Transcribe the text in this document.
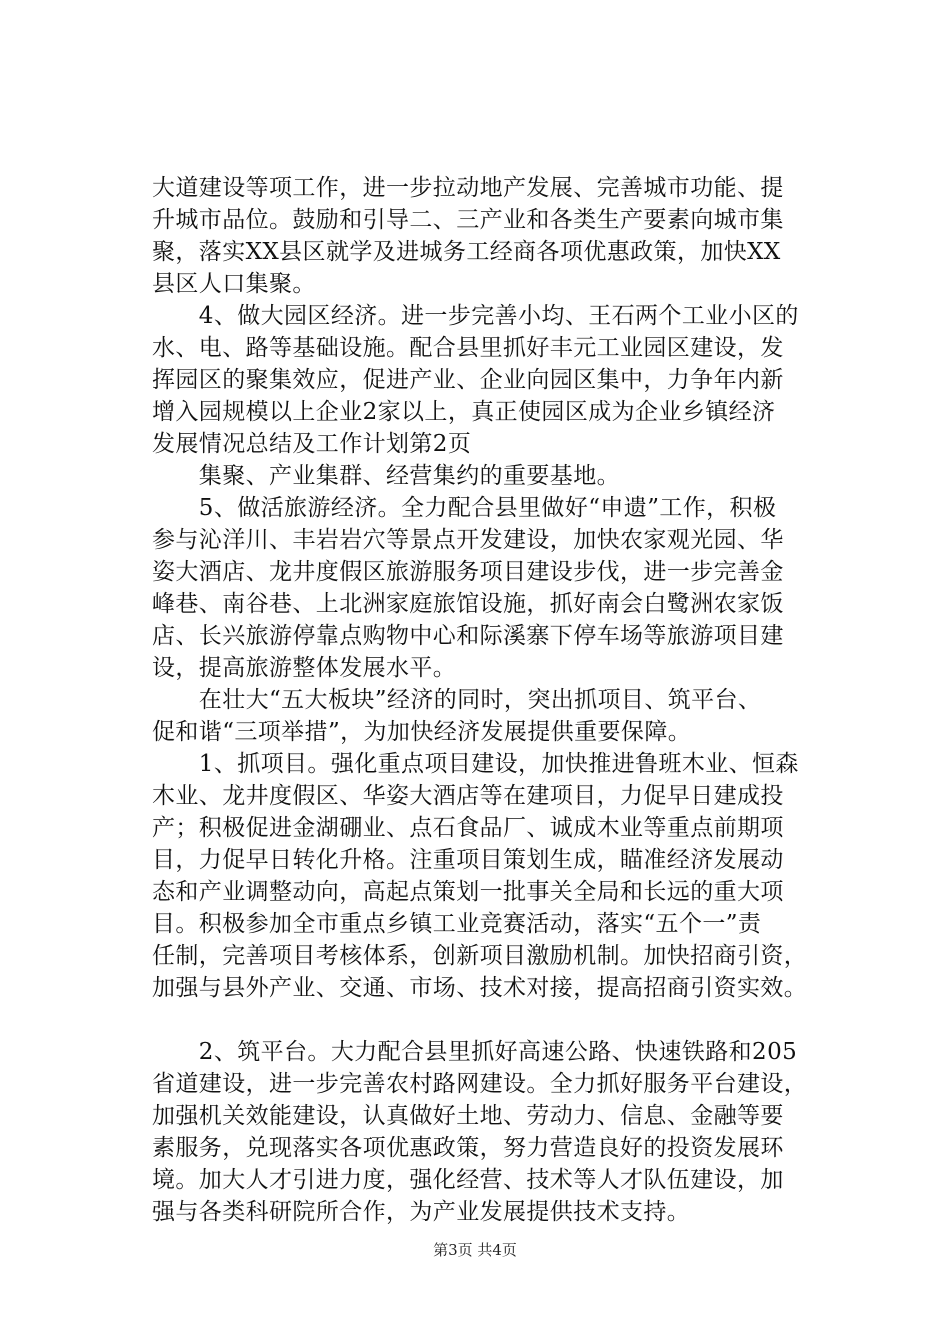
大道建设等项工作，进一步拉动地产发展、完善城市功能、提
升城市品位。鼓励和引导二、三产业和各类生产要素向城市集
聚，落实XX县区就学及进城务工经商各项优惠政策，加快XX
县区人口集聚。
　　4、做大园区经济。进一步完善小均、王石两个工业小区的
水、电、路等基础设施。配合县里抓好丰元工业园区建设，发
挥园区的聚集效应，促进产业、企业向园区集中，力争年内新
增入园规模以上企业2家以上，真正使园区成为企业乡镇经济
发展情况总结及工作计划第2页
　　集聚、产业集群、经营集约的重要基地。
　　5、做活旅游经济。全力配合县里做好“申遗”工作，积极
参与沁洋川、丰岩岩穴等景点开发建设，加快农家观光园、华
姿大酒店、龙井度假区旅游服务项目建设步伐，进一步完善金
峰巷、南谷巷、上北洲家庭旅馆设施，抓好南会白鹭洲农家饭
店、长兴旅游停靠点购物中心和际溪寨下停车场等旅游项目建
设，提高旅游整体发展水平。
　　在壮大“五大板块”经济的同时，突出抓项目、筑平台、
促和谐“三项举措”，为加快经济发展提供重要保障。
　　1、抓项目。强化重点项目建设，加快推进鲁班木业、恒森
木业、龙井度假区、华姿大酒店等在建项目，力促早日建成投
产；积极促进金湖硼业、点石食品厂、诚成木业等重点前期项
目，力促早日转化升格。注重项目策划生成，瞄准经济发展动
态和产业调整动向，高起点策划一批事关全局和长远的重大项
目。积极参加全市重点乡镇工业竞赛活动，落实“五个一”责
任制，完善项目考核体系，创新项目激励机制。加快招商引资，
加强与县外产业、交通、市场、技术对接，提高招商引资实效。
　　2、筑平台。大力配合县里抓好高速公路、快速铁路和205
省道建设，进一步完善农村路网建设。全力抓好服务平台建设，
加强机关效能建设，认真做好土地、劳动力、信息、金融等要
素服务，兑现落实各项优惠政策，努力营造良好的投资发展环
境。加大人才引进力度，强化经营、技术等人才队伍建设，加
强与各类科研院所合作，为产业发展提供技术支持。
第3页 共4页
